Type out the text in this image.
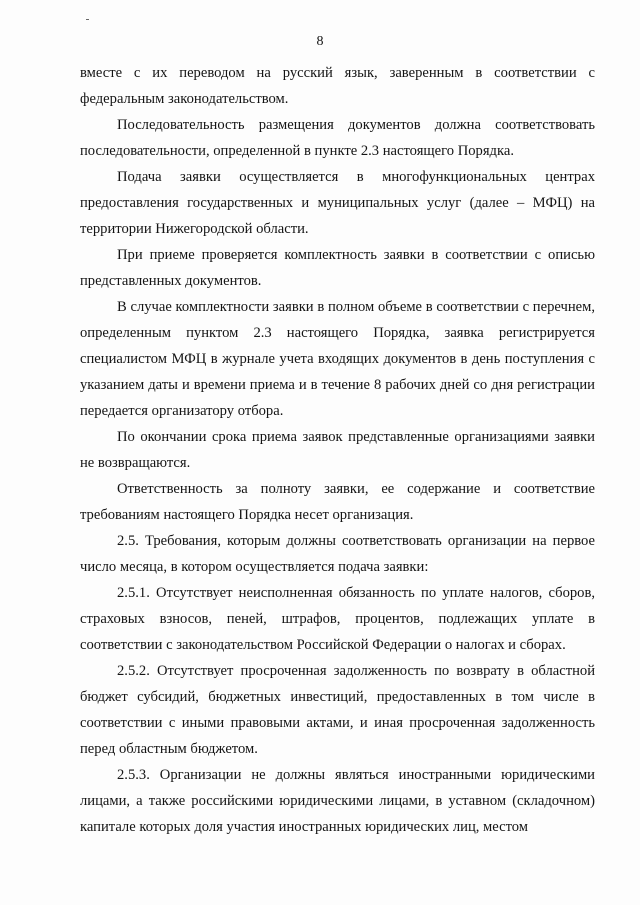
8

вместе с их переводом на русский язык, заверенным в соответствии с федеральным законодательством.

Последовательность размещения документов должна соответствовать последовательности, определенной в пункте 2.3 настоящего Порядка.

Подача заявки осуществляется в многофункциональных центрах предоставления государственных и муниципальных услуг (далее – МФЦ) на территории Нижегородской области.

При приеме проверяется комплектность заявки в соответствии с описью представленных документов.

В случае комплектности заявки в полном объеме в соответствии с перечнем, определенным пунктом 2.3 настоящего Порядка, заявка регистрируется специалистом МФЦ в журнале учета входящих документов в день поступления с указанием даты и времени приема и в течение 8 рабочих дней со дня регистрации передается организатору отбора.

По окончании срока приема заявок представленные организациями заявки не возвращаются.

Ответственность за полноту заявки, ее содержание и соответствие требованиям настоящего Порядка несет организация.

2.5. Требования, которым должны соответствовать организации на первое число месяца, в котором осуществляется подача заявки:

2.5.1. Отсутствует неисполненная обязанность по уплате налогов, сборов, страховых взносов, пеней, штрафов, процентов, подлежащих уплате в соответствии с законодательством Российской Федерации о налогах и сборах.

2.5.2. Отсутствует просроченная задолженность по возврату в областной бюджет субсидий, бюджетных инвестиций, предоставленных в том числе в соответствии с иными правовыми актами, и иная просроченная задолженность перед областным бюджетом.

2.5.3. Организации не должны являться иностранными юридическими лицами, а также российскими юридическими лицами, в уставном (складочном) капитале которых доля участия иностранных юридических лиц, местом
